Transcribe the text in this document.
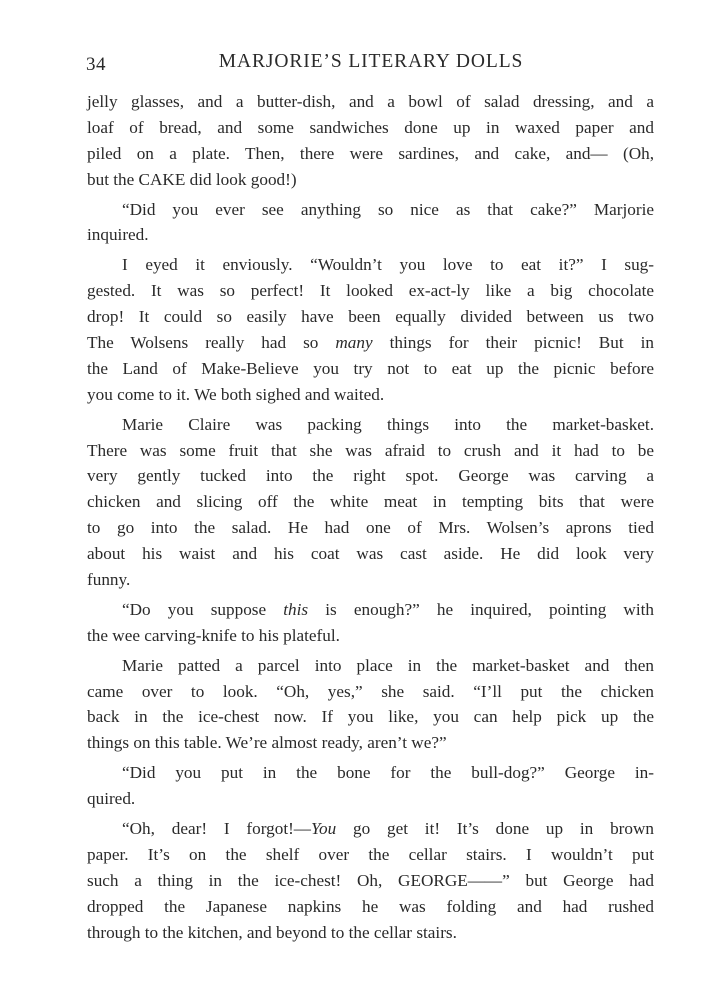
34	MARJORIE’S LITERARY DOLLS
jelly glasses, and a butter-dish, and a bowl of salad dressing, and a
loaf of bread, and some sandwiches done up in waxed paper and
piled on a plate. Then, there were sardines, and cake, and— (Oh,
but the CAKE did look good!)
“Did you ever see anything so nice as that cake?” Marjorie
inquired.
I eyed it enviously. “Wouldn’t you love to eat it?” I sug-
gested. It was so perfect! It looked ex-act-ly like a big chocolate
drop! It could so easily have been equally divided between us two
The Wolsens really had so many things for their picnic! But in
the Land of Make-Believe you try not to eat up the picnic before
you come to it. We both sighed and waited.
Marie Claire was packing things into the market-basket.
There was some fruit that she was afraid to crush and it had to be
very gently tucked into the right spot. George was carving a
chicken and slicing off the white meat in tempting bits that were
to go into the salad. He had one of Mrs. Wolsen’s aprons tied
about his waist and his coat was cast aside. He did look very
funny.
“Do you suppose this is enough?” he inquired, pointing with
the wee carving-knife to his plateful.
Marie patted a parcel into place in the market-basket and then
came over to look. “Oh, yes,” she said. “I’ll put the chicken
back in the ice-chest now. If you like, you can help pick up the
things on this table. We’re almost ready, aren’t we?”
“Did you put in the bone for the bull-dog?” George in-
quired.
“Oh, dear! I forgot!—You go get it! It’s done up in brown
paper. It’s on the shelf over the cellar stairs. I wouldn’t put
such a thing in the ice-chest! Oh, GEORGE——” but George had
dropped the Japanese napkins he was folding and had rushed
through to the kitchen, and beyond to the cellar stairs.
